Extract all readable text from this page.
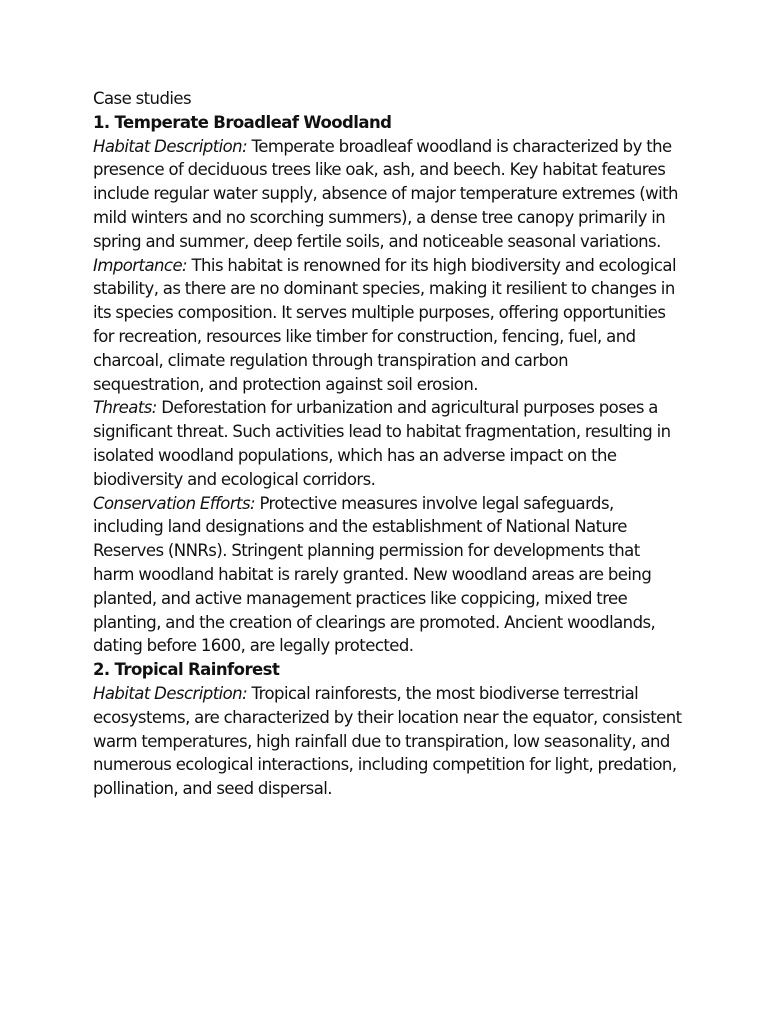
Case studies

1. Temperate Broadleaf Woodland

Habitat Description: Temperate broadleaf woodland is characterized by the presence of deciduous trees like oak, ash, and beech. Key habitat features include regular water supply, absence of major temperature extremes (with mild winters and no scorching summers), a dense tree canopy primarily in spring and summer, deep fertile soils, and noticeable seasonal variations.

Importance: This habitat is renowned for its high biodiversity and ecological stability, as there are no dominant species, making it resilient to changes in its species composition. It serves multiple purposes, offering opportunities for recreation, resources like timber for construction, fencing, fuel, and charcoal, climate regulation through transpiration and carbon sequestration, and protection against soil erosion.

Threats: Deforestation for urbanization and agricultural purposes poses a significant threat. Such activities lead to habitat fragmentation, resulting in isolated woodland populations, which has an adverse impact on the biodiversity and ecological corridors.

Conservation Efforts: Protective measures involve legal safeguards, including land designations and the establishment of National Nature Reserves (NNRs). Stringent planning permission for developments that harm woodland habitat is rarely granted. New woodland areas are being planted, and active management practices like coppicing, mixed tree planting, and the creation of clearings are promoted. Ancient woodlands, dating before 1600, are legally protected.

2. Tropical Rainforest

Habitat Description: Tropical rainforests, the most biodiverse terrestrial ecosystems, are characterized by their location near the equator, consistent warm temperatures, high rainfall due to transpiration, low seasonality, and numerous ecological interactions, including competition for light, predation, pollination, and seed dispersal.
